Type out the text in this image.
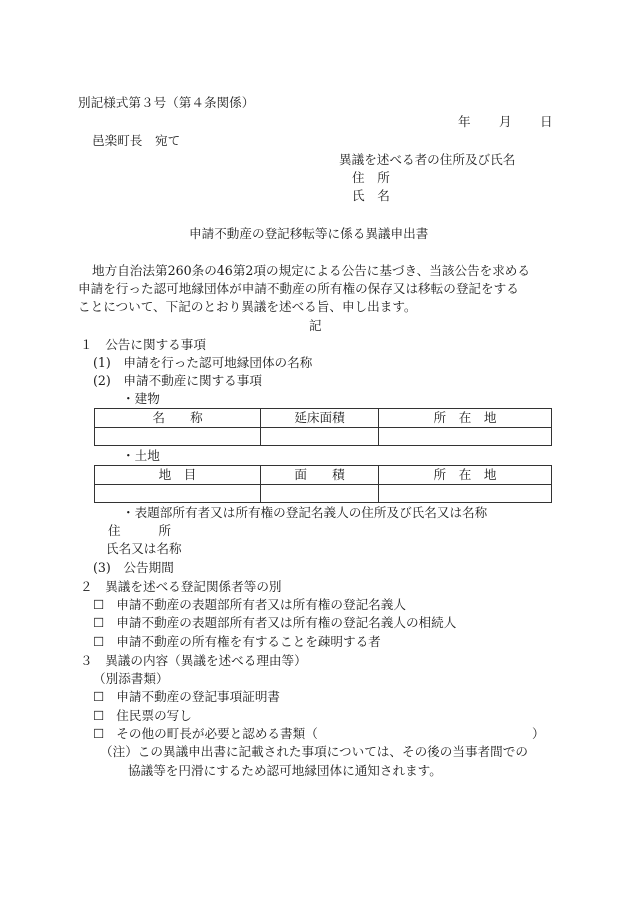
別記様式第３号（第４条関係）
年 月 日
邑楽町長　宛て
異議を述べる者の住所及び氏名
住　所
氏　名
申請不動産の登記移転等に係る異議申出書
地方自治法第260条の46第2項の規定による公告に基づき、当該公告を求める
申請を行った認可地縁団体が申請不動産の所有権の保存又は移転の登記をする
ことについて、下記のとおり異議を述べる旨、申し出ます。
記
１　公告に関する事項
(1)　申請を行った認可地縁団体の名称
(2)　申請不動産に関する事項
・建物
名　　称	延床面積	所　在　地

・土地
地　目	面　　積	所　在　地

・表題部所有者又は所有権の登記名義人の住所及び氏名又は名称
住　　　所
氏名又は名称
(3)　公告期間
２　異議を述べる登記関係者等の別
☐ 申請不動産の表題部所有者又は所有権の登記名義人
☐ 申請不動産の表題部所有者又は所有権の登記名義人の相続人
☐ 申請不動産の所有権を有することを疎明する者
３　異議の内容（異議を述べる理由等）
（別添書類）
☐ 申請不動産の登記事項証明書
☐ 住民票の写し
☐ その他の町長が必要と認める書類（	）
（注）この異議申出書に記載された事項については、その後の当事者間での
協議等を円滑にするため認可地縁団体に通知されます。
